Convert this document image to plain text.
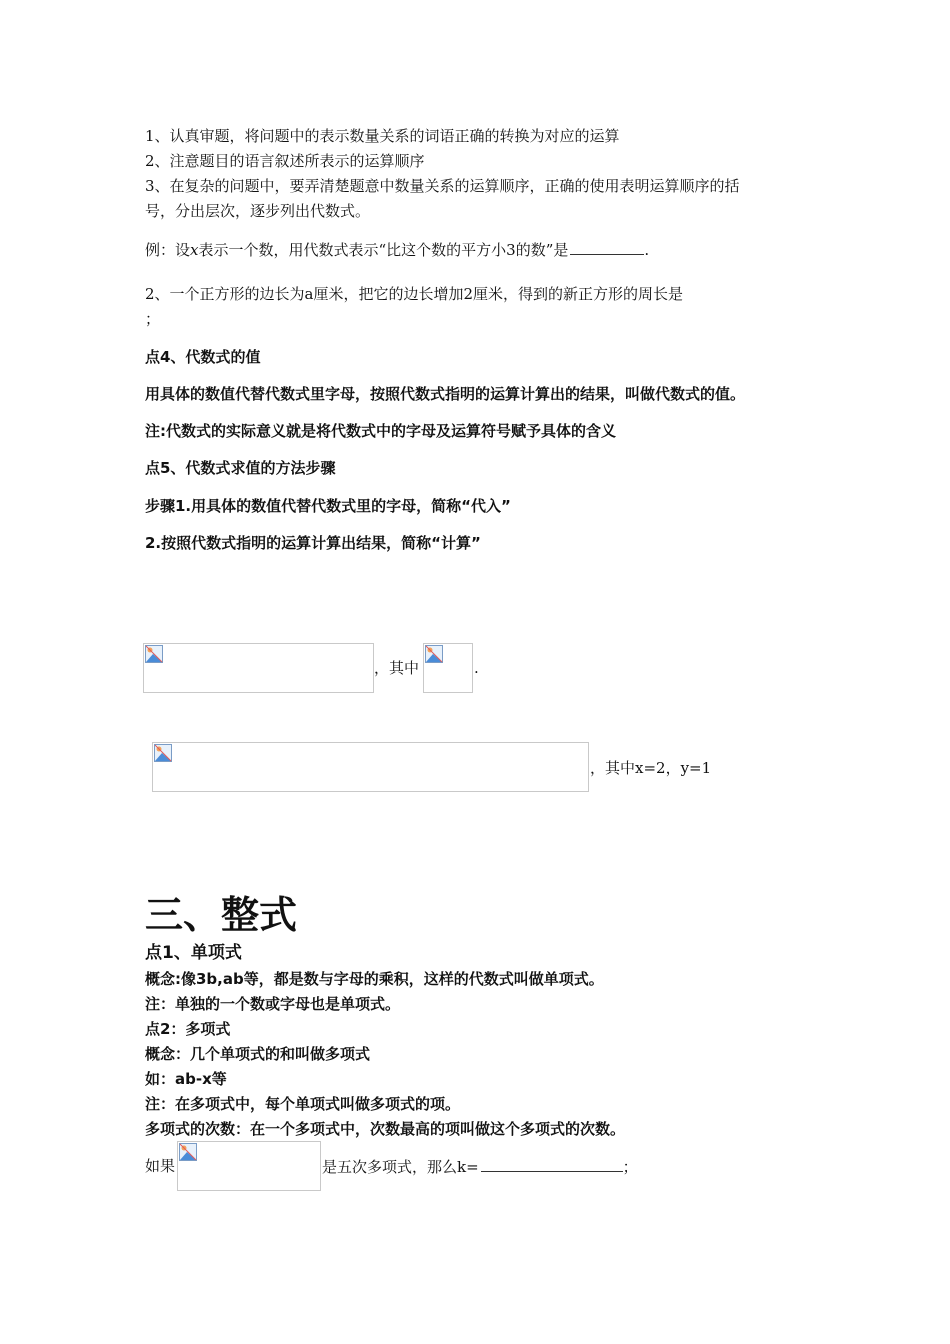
1、认真审题，将问题中的表示数量关系的词语正确的转换为对应的运算
2、注意题目的语言叙述所表示的运算顺序
3、在复杂的问题中，要弄清楚题意中数量关系的运算顺序，正确的使用表明运算顺序的括
号，分出层次，逐步列出代数式。
例：设x表示一个数，用代数式表示“比这个数的平方小3的数”是	.
2、一个正方形的边长为a厘米，把它的边长增加2厘米，得到的新正方形的周长是
；
点4、代数式的值
用具体的数值代替代数式里字母，按照代数式指明的运算计算出的结果，叫做代数式的值。
注:代数式的实际意义就是将代数式中的字母及运算符号赋予具体的含义
点5、代数式求值的方法步骤
步骤1.用具体的数值代替代数式里的字母，简称“代入”
2.按照代数式指明的运算计算出结果，简称“计算”
，其中	.
，其中x=2，y=1
三、整式
点1、单项式
概念:像3b,ab等，都是数与字母的乘积，这样的代数式叫做单项式。
注：单独的一个数或字母也是单项式。
点2：多项式
概念：几个单项式的和叫做多项式
如：ab-x等
注：在多项式中，每个单项式叫做多项式的项。
多项式的次数：在一个多项式中，次数最高的项叫做这个多项式的次数。
如果	是五次多项式，那么k=	；
